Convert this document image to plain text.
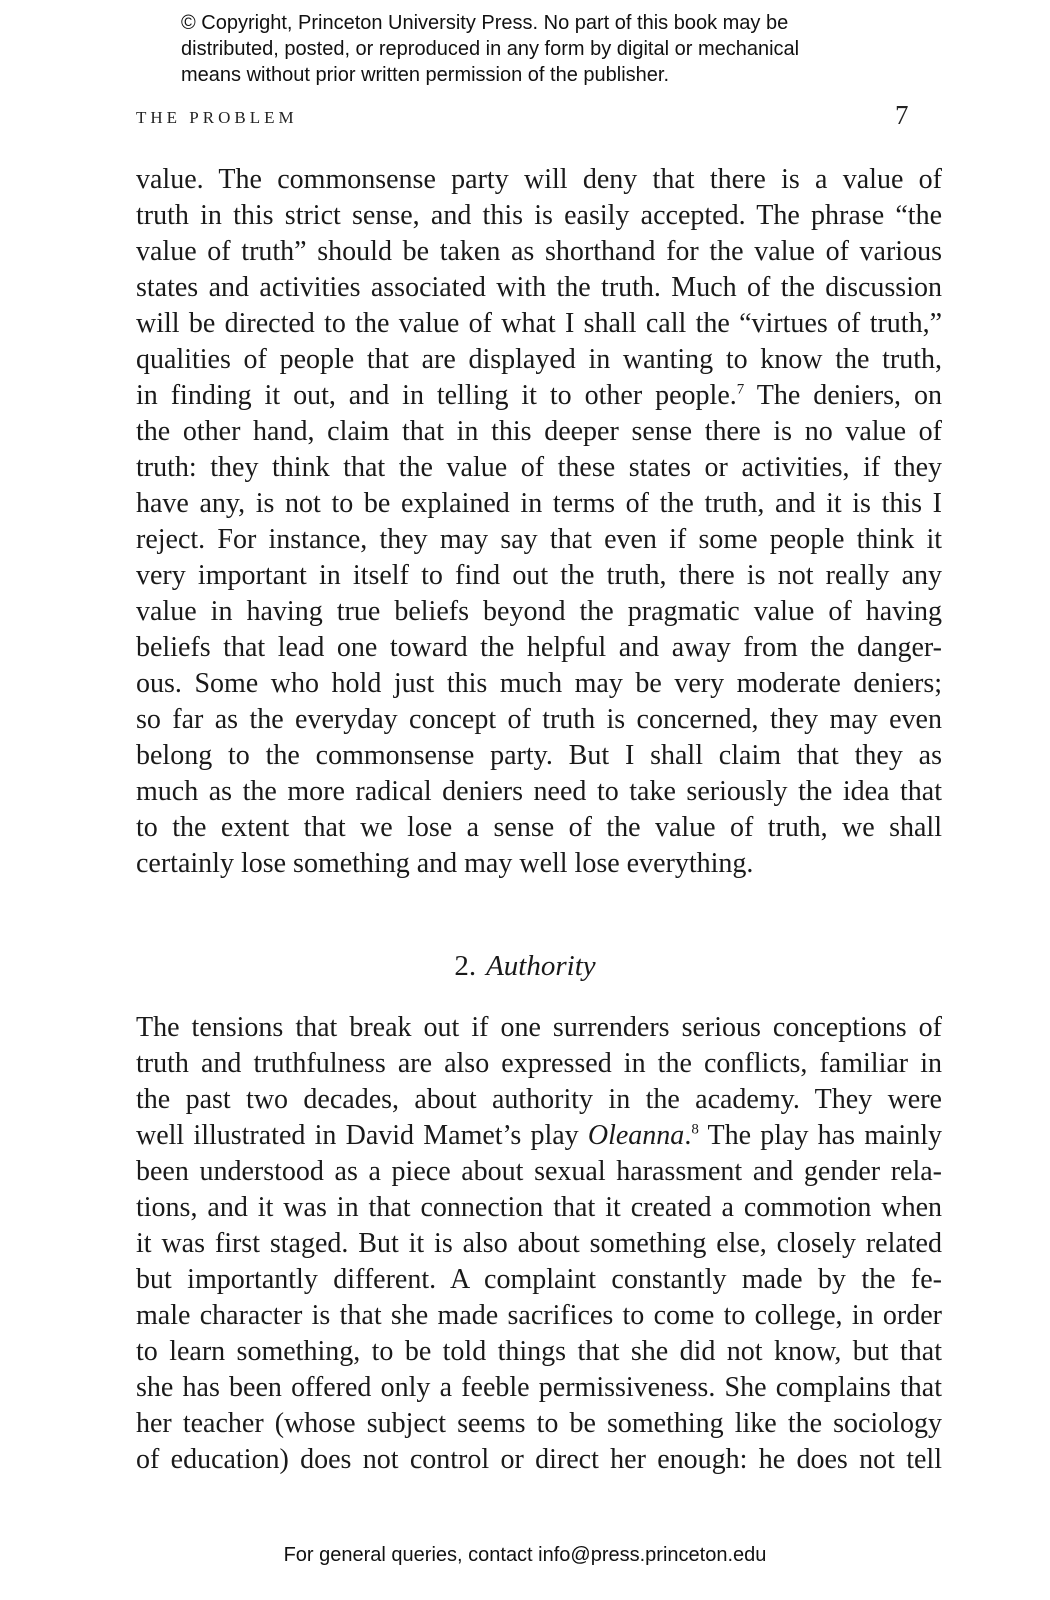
© Copyright, Princeton University Press. No part of this book may be
distributed, posted, or reproduced in any form by digital or mechanical
means without prior written permission of the publisher.
THE PROBLEM	7
value. The commonsense party will deny that there is a value of
truth in this strict sense, and this is easily accepted. The phrase “the
value of truth” should be taken as shorthand for the value of various
states and activities associated with the truth. Much of the discussion
will be directed to the value of what I shall call the “virtues of truth,”
qualities of people that are displayed in wanting to know the truth,
in finding it out, and in telling it to other people.$^7$ The deniers, on
the other hand, claim that in this deeper sense there is no value of
truth: they think that the value of these states or activities, if they
have any, is not to be explained in terms of the truth, and it is this I
reject. For instance, they may say that even if some people think it
very important in itself to find out the truth, there is not really any
value in having true beliefs beyond the pragmatic value of having
beliefs that lead one toward the helpful and away from the danger-
ous. Some who hold just this much may be very moderate deniers;
so far as the everyday concept of truth is concerned, they may even
belong to the commonsense party. But I shall claim that they as
much as the more radical deniers need to take seriously the idea that
to the extent that we lose a sense of the value of truth, we shall
certainly lose something and may well lose everything.
2. Authority
The tensions that break out if one surrenders serious conceptions of
truth and truthfulness are also expressed in the conflicts, familiar in
the past two decades, about authority in the academy. They were
well illustrated in David Mamet’s play Oleanna.$^8$ The play has mainly
been understood as a piece about sexual harassment and gender rela-
tions, and it was in that connection that it created a commotion when
it was first staged. But it is also about something else, closely related
but importantly different. A complaint constantly made by the fe-
male character is that she made sacrifices to come to college, in order
to learn something, to be told things that she did not know, but that
she has been offered only a feeble permissiveness. She complains that
her teacher (whose subject seems to be something like the sociology
of education) does not control or direct her enough: he does not tell
For general queries, contact info@press.princeton.edu
